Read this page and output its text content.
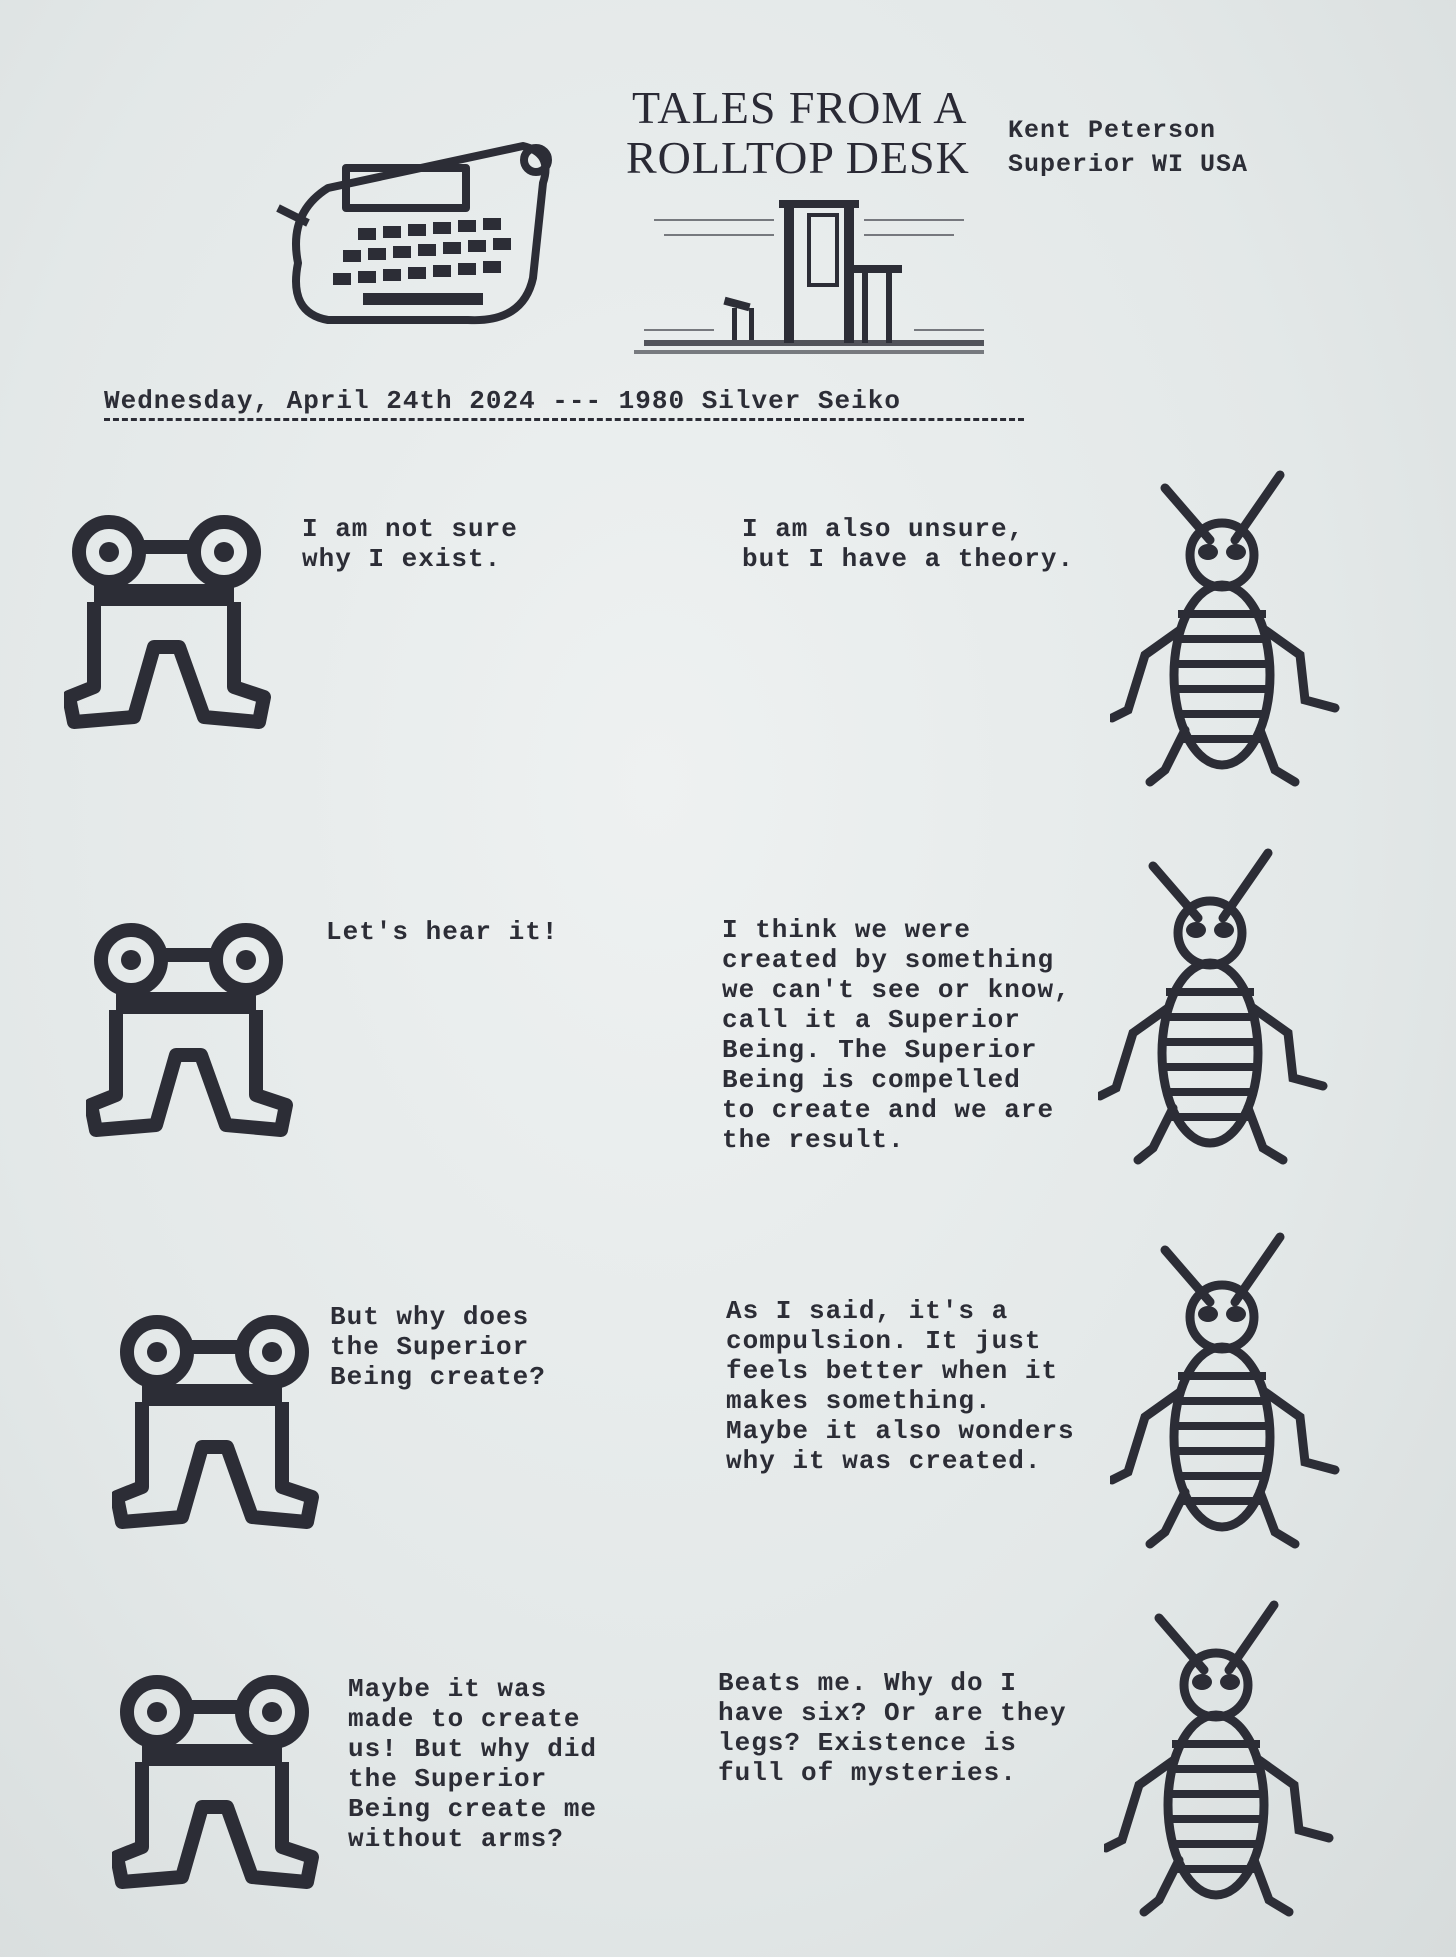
TALES FROM A
ROLLTOP DESK
Kent Peterson
Superior WI USA
Wednesday, April 24th 2024 --- 1980 Silver Seiko
I am not sure
why I exist.
I am also unsure,
but I have a theory.
Let's hear it!	I think we were
created by something
we can't see or know,
call it a Superior
Being. The Superior
Being is compelled
to create and we are
the result.
But why does
the Superior
Being create?
As I said, it's a
compulsion. It just
feels better when it
makes something.
Maybe it also wonders
why it was created.
Maybe it was
made to create
us! But why did
the Superior
Being create me
without arms?
Beats me. Why do I
have six? Or are they
legs? Existence is
full of mysteries.
